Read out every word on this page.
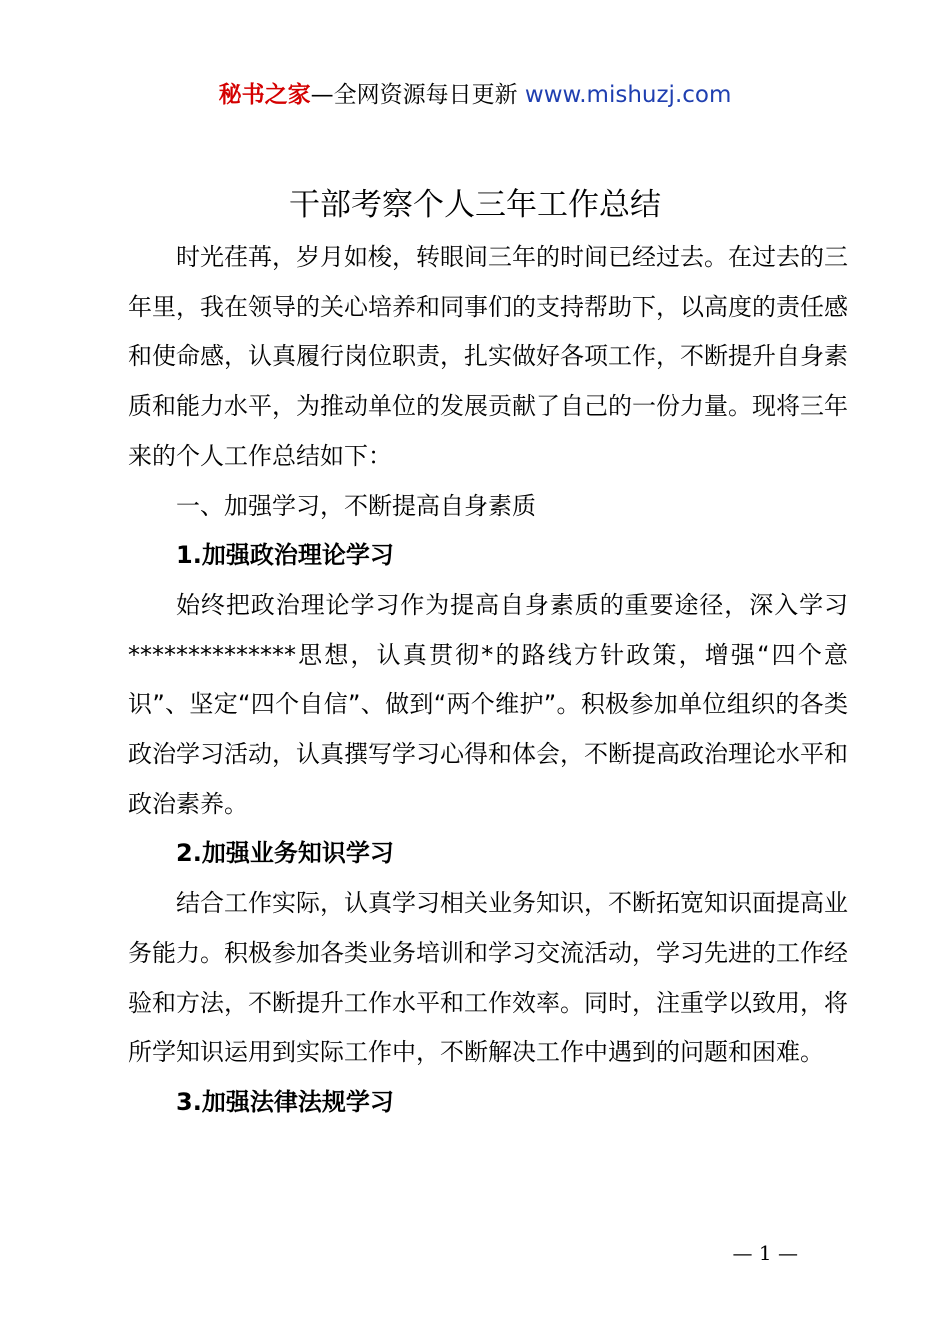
秘书之家—全网资源每日更新 www.mishuzj.com
干部考察个人三年工作总结

时光荏苒，岁月如梭，转眼间三年的时间已经过去。在过去的三年里，我在领导的关心培养和同事们的支持帮助下，以高度的责任感和使命感，认真履行岗位职责，扎实做好各项工作，不断提升自身素质和能力水平，为推动单位的发展贡献了自己的一份力量。现将三年来的个人工作总结如下：

一、加强学习，不断提高自身素质

1.加强政治理论学习

始终把政治理论学习作为提高自身素质的重要途径，深入学习**************思想，认真贯彻*的路线方针政策，增强“四个意识”、坚定“四个自信”、做到“两个维护”。积极参加单位组织的各类政治学习活动，认真撰写学习心得和体会，不断提高政治理论水平和政治素养。

2.加强业务知识学习

结合工作实际，认真学习相关业务知识，不断拓宽知识面提高业务能力。积极参加各类业务培训和学习交流活动，学习先进的工作经验和方法，不断提升工作水平和工作效率。同时，注重学以致用，将所学知识运用到实际工作中，不断解决工作中遇到的问题和困难。

3.加强法律法规学习

— 1 —
